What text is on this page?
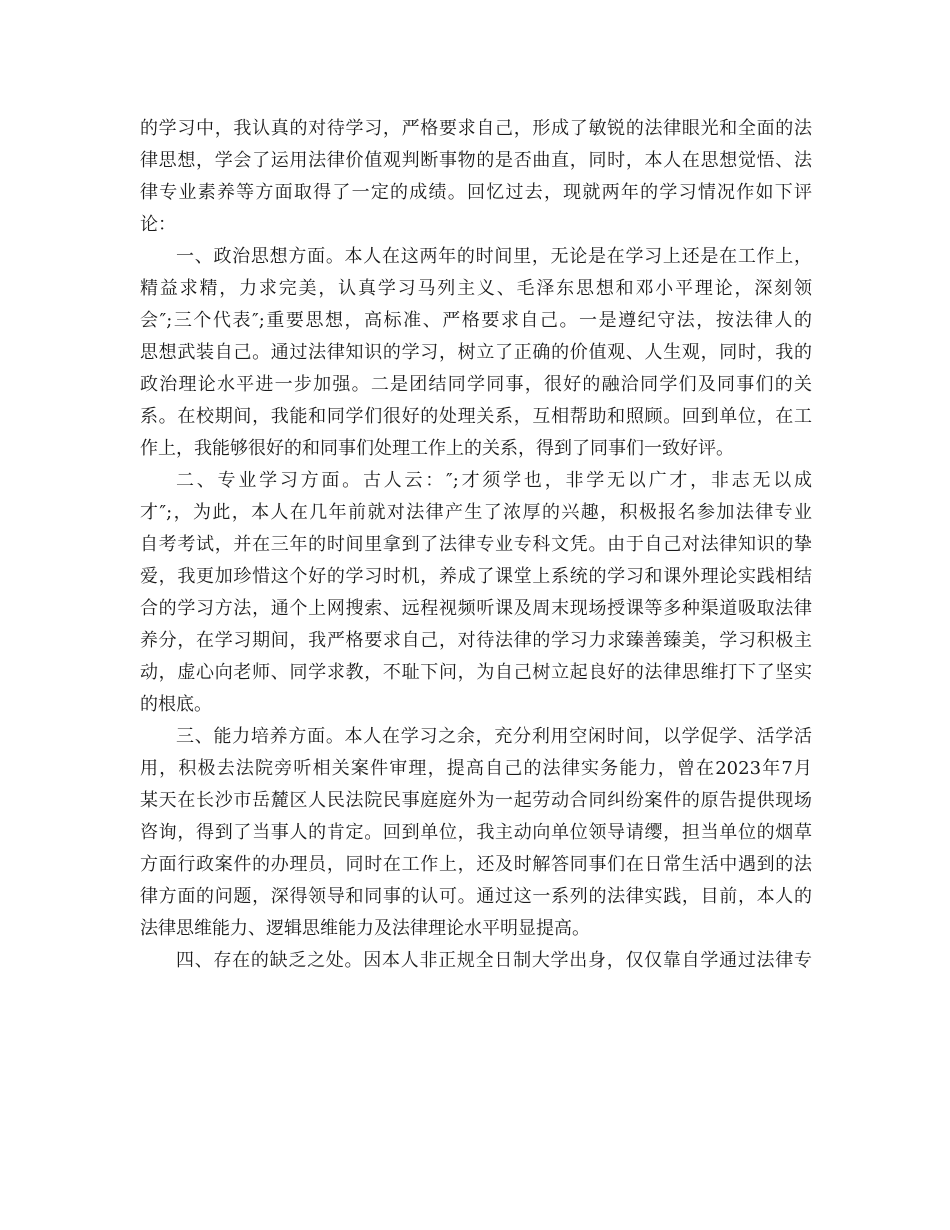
的学习中，我认真的对待学习，严格要求自己，形成了敏锐的法律眼光和全面的法
律思想，学会了运用法律价值观判断事物的是否曲直，同时，本人在思想觉悟、法
律专业素养等方面取得了一定的成绩。回忆过去，现就两年的学习情况作如下评
论：
一、政治思想方面。本人在这两年的时间里，无论是在学习上还是在工作上，
精益求精，力求完美，认真学习马列主义、毛泽东思想和邓小平理论，深刻领
会″;三个代表″;重要思想，高标准、严格要求自己。一是遵纪守法，按法律人的
思想武装自己。通过法律知识的学习，树立了正确的价值观、人生观，同时，我的
政治理论水平进一步加强。二是团结同学同事，很好的融洽同学们及同事们的关
系。在校期间，我能和同学们很好的处理关系，互相帮助和照顾。回到单位，在工
作上，我能够很好的和同事们处理工作上的关系，得到了同事们一致好评。
二、专业学习方面。古人云：″;才须学也，非学无以广才，非志无以成
才″;，为此，本人在几年前就对法律产生了浓厚的兴趣，积极报名参加法律专业
自考考试，并在三年的时间里拿到了法律专业专科文凭。由于自己对法律知识的挚
爱，我更加珍惜这个好的学习时机，养成了课堂上系统的学习和课外理论实践相结
合的学习方法，通个上网搜索、远程视频听课及周末现场授课等多种渠道吸取法律
养分，在学习期间，我严格要求自己，对待法律的学习力求臻善臻美，学习积极主
动，虚心向老师、同学求教，不耻下问，为自己树立起良好的法律思维打下了坚实
的根底。
三、能力培养方面。本人在学习之余，充分利用空闲时间，以学促学、活学活
用，积极去法院旁听相关案件审理，提高自己的法律实务能力，曾在2023年7月
某天在长沙市岳麓区人民法院民事庭庭外为一起劳动合同纠纷案件的原告提供现场
咨询，得到了当事人的肯定。回到单位，我主动向单位领导请缨，担当单位的烟草
方面行政案件的办理员，同时在工作上，还及时解答同事们在日常生活中遇到的法
律方面的问题，深得领导和同事的认可。通过这一系列的法律实践，目前，本人的
法律思维能力、逻辑思维能力及法律理论水平明显提高。
四、存在的缺乏之处。因本人非正规全日制大学出身，仅仅靠自学通过法律专
